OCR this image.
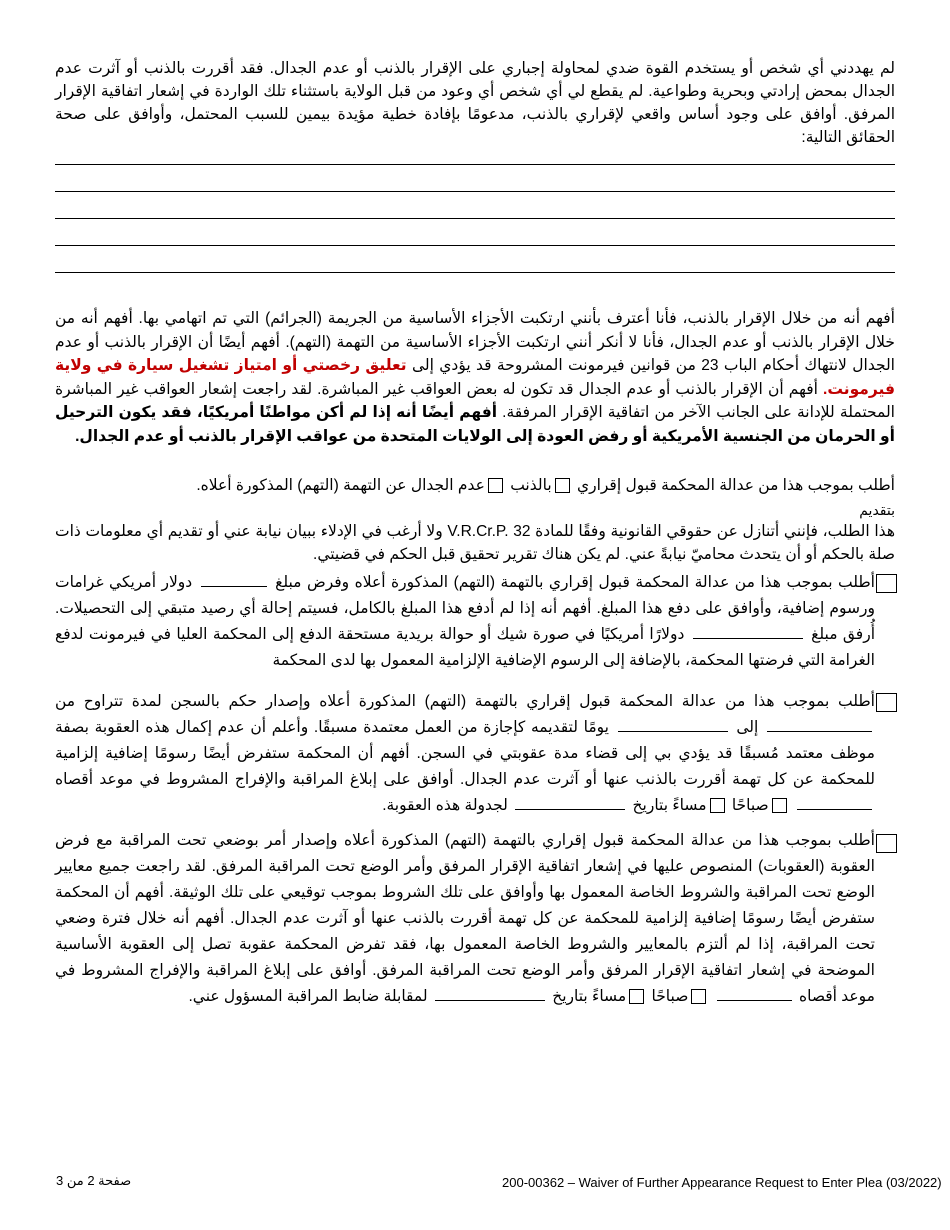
لم يهددني أي شخص أو يستخدم القوة ضدي لمحاولة إجباري على الإقرار بالذنب أو عدم الجدال. فقد أقررت بالذنب أو آثرت عدم الجدال بمحض إرادتي وبحرية وطواعية. لم يقطع لي أي شخص أي وعود من قبل الولاية باستثناء تلك الواردة في إشعار اتفاقية الإقرار المرفق. أوافق على وجود أساس واقعي لإقراري بالذنب، مدعومًا بإفادة خطية مؤيدة بيمين للسبب المحتمل، وأوافق على صحة الحقائق التالية:

أفهم أنه من خلال الإقرار بالذنب، فأنا أعترف بأنني ارتكبت الأجزاء الأساسية من الجريمة (الجرائم) التي تم اتهامي بها. أفهم أنه من خلال الإقرار بالذنب أو عدم الجدال، فأنا لا أنكر أنني ارتكبت الأجزاء الأساسية من التهمة (التهم). أفهم أيضًا أن الإقرار بالذنب أو عدم الجدال لانتهاك أحكام الباب 23 من قوانين فيرمونت المشروحة قد يؤدي إلى تعليق رخصتي أو امتياز تشغيل سيارة في ولاية فيرمونت. أفهم أن الإقرار بالذنب أو عدم الجدال قد تكون له بعض العواقب غير المباشرة. لقد راجعت إشعار العواقب غير المباشرة المحتملة للإدانة على الجانب الآخر من اتفاقية الإقرار المرفقة. أفهم أيضًا أنه إذا لم أكن مواطنًا أمريكيًا، فقد يكون الترحيل أو الحرمان من الجنسية الأمريكية أو رفض العودة إلى الولايات المتحدة من عواقب الإقرار بالذنب أو عدم الجدال.

أطلب بموجب هذا من عدالة المحكمة قبول إقراري بالذنب عدم الجدال عن التهمة (التهم) المذكورة أعلاه.

بتقديم

هذا الطلب، فإنني أتنازل عن حقوقي القانونية وفقًا للمادة V.R.Cr.P. 32 ولا أرغب في الإدلاء ببيان نيابة عني أو تقديم أي معلومات ذات صلة بالحكم أو أن يتحدث محاميّ نيابةً عني. لم يكن هناك تقرير تحقيق قبل الحكم في قضيتي.

أطلب بموجب هذا من عدالة المحكمة قبول إقراري بالتهمة (التهم) المذكورة أعلاه وفرض مبلغ  دولار أمريكي غرامات ورسوم إضافية، وأوافق على دفع هذا المبلغ. أفهم أنه إذا لم أدفع هذا المبلغ بالكامل، فسيتم إحالة أي رصيد متبقي إلى التحصيلات. أُرفق مبلغ  دولارًا أمريكيًا في صورة شيك أو حوالة بريدية مستحقة الدفع إلى المحكمة العليا في فيرمونت لدفع الغرامة التي فرضتها المحكمة، بالإضافة إلى الرسوم الإضافية الإلزامية المعمول بها لدى المحكمة

أطلب بموجب هذا من عدالة المحكمة قبول إقراري بالتهمة (التهم) المذكورة أعلاه وإصدار حكم بالسجن لمدة تتراوح من  إلى  يومًا لتقديمه كإجازة من العمل معتمدة مسبقًا. وأعلم أن عدم إكمال هذه العقوبة بصفة موظف معتمد مُسبقًا قد يؤدي بي إلى قضاء مدة عقوبتي في السجن. أفهم أن المحكمة ستفرض أيضًا رسومًا إضافية إلزامية للمحكمة عن كل تهمة أقررت بالذنب عنها أو آثرت عدم الجدال. أوافق على إبلاغ المراقبة والإفراج المشروط في موعد أقصاه  صباحًا مساءً بتاريخ  لجدولة هذه العقوبة.

أطلب بموجب هذا من عدالة المحكمة قبول إقراري بالتهمة (التهم) المذكورة أعلاه وإصدار أمر بوضعي تحت المراقبة مع فرض العقوبة (العقوبات) المنصوص عليها في إشعار اتفاقية الإقرار المرفق وأمر الوضع تحت المراقبة المرفق. لقد راجعت جميع معايير الوضع تحت المراقبة والشروط الخاصة المعمول بها وأوافق على تلك الشروط بموجب توقيعي على تلك الوثيقة. أفهم أن المحكمة ستفرض أيضًا رسومًا إضافية إلزامية للمحكمة عن كل تهمة أقررت بالذنب عنها أو آثرت عدم الجدال. أفهم أنه خلال فترة وضعي تحت المراقبة، إذا لم ألتزم بالمعايير والشروط الخاصة المعمول بها، فقد تفرض المحكمة عقوبة تصل إلى العقوبة الأساسية الموضحة في إشعار اتفاقية الإقرار المرفق وأمر الوضع تحت المراقبة المرفق. أوافق على إبلاغ المراقبة والإفراج المشروط في موعد أقصاه  صباحًا مساءً بتاريخ  لمقابلة ضابط المراقبة المسؤول عني.

200-00362 – Waiver of Further Appearance Request to Enter Plea (03/2022)
صفحة 2 من 3
